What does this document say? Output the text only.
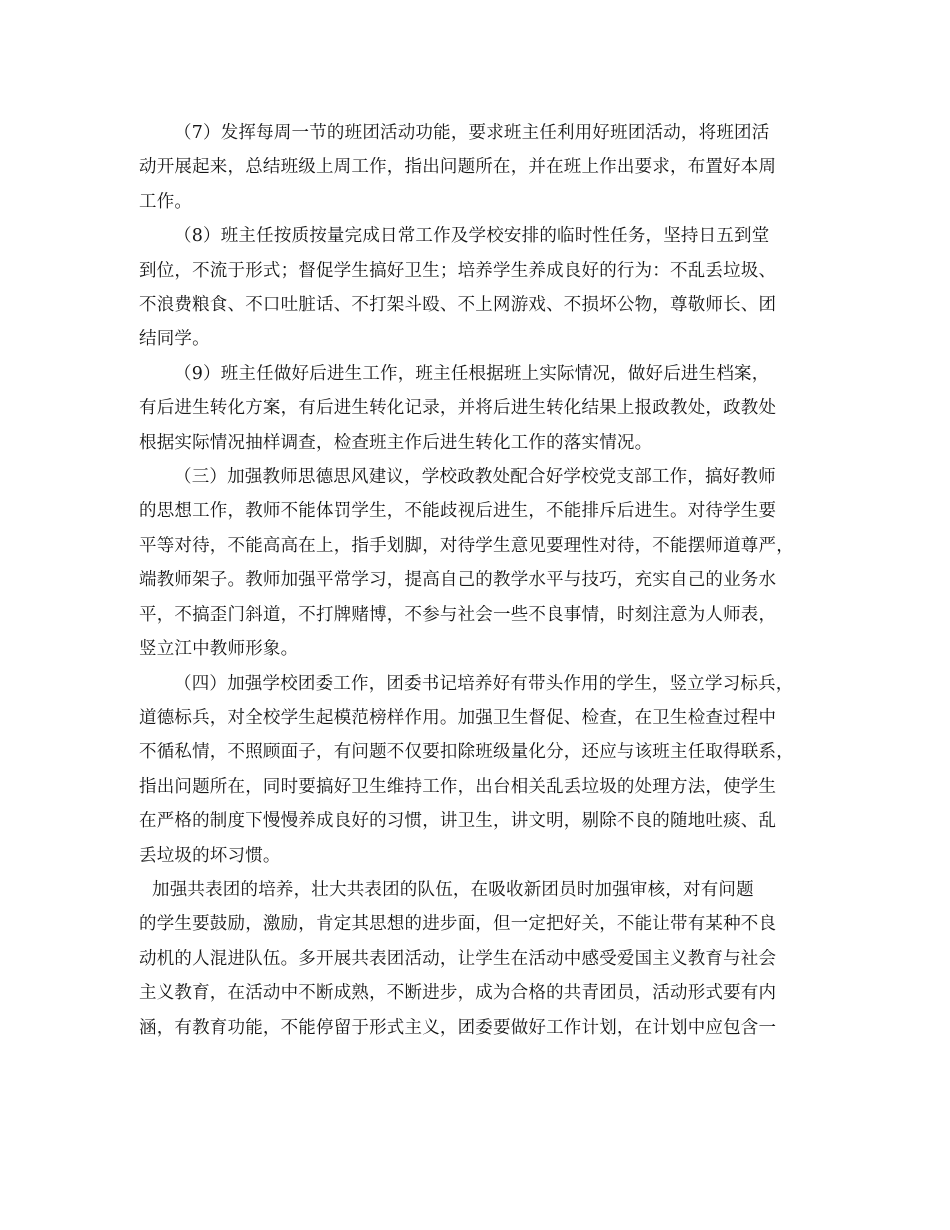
（7）发挥每周一节的班团活动功能，要求班主任利用好班团活动，将班团活
动开展起来，总结班级上周工作，指出问题所在，并在班上作出要求，布置好本周
工作。
（8）班主任按质按量完成日常工作及学校安排的临时性任务，坚持日五到堂
到位，不流于形式；督促学生搞好卫生；培养学生养成良好的行为：不乱丢垃圾、
不浪费粮食、不口吐脏话、不打架斗殴、不上网游戏、不损坏公物，尊敬师长、团
结同学。
（9）班主任做好后进生工作，班主任根据班上实际情况，做好后进生档案，
有后进生转化方案，有后进生转化记录，并将后进生转化结果上报政教处，政教处
根据实际情况抽样调查，检查班主作后进生转化工作的落实情况。
（三）加强教师思德思风建议，学校政教处配合好学校党支部工作，搞好教师
的思想工作，教师不能体罚学生，不能歧视后进生，不能排斥后进生。对待学生要
平等对待，不能高高在上，指手划脚，对待学生意见要理性对待，不能摆师道尊严，
端教师架子。教师加强平常学习，提高自己的教学水平与技巧，充实自己的业务水
平，不搞歪门斜道，不打牌赌博，不参与社会一些不良事情，时刻注意为人师表，
竖立江中教师形象。
（四）加强学校团委工作，团委书记培养好有带头作用的学生，竖立学习标兵，
道德标兵，对全校学生起模范榜样作用。加强卫生督促、检查，在卫生检查过程中
不循私情，不照顾面子，有问题不仅要扣除班级量化分，还应与该班主任取得联系，
指出问题所在，同时要搞好卫生维持工作，出台相关乱丢垃圾的处理方法，使学生
在严格的制度下慢慢养成良好的习惯，讲卫生，讲文明，剔除不良的随地吐痰、乱
丢垃圾的坏习惯。
加强共表团的培养，壮大共表团的队伍，在吸收新团员时加强审核，对有问题
的学生要鼓励，激励，肯定其思想的进步面，但一定把好关，不能让带有某种不良
动机的人混进队伍。多开展共表团活动，让学生在活动中感受爱国主义教育与社会
主义教育，在活动中不断成熟，不断进步，成为合格的共青团员，活动形式要有内
涵，有教育功能，不能停留于形式主义，团委要做好工作计划，在计划中应包含一
